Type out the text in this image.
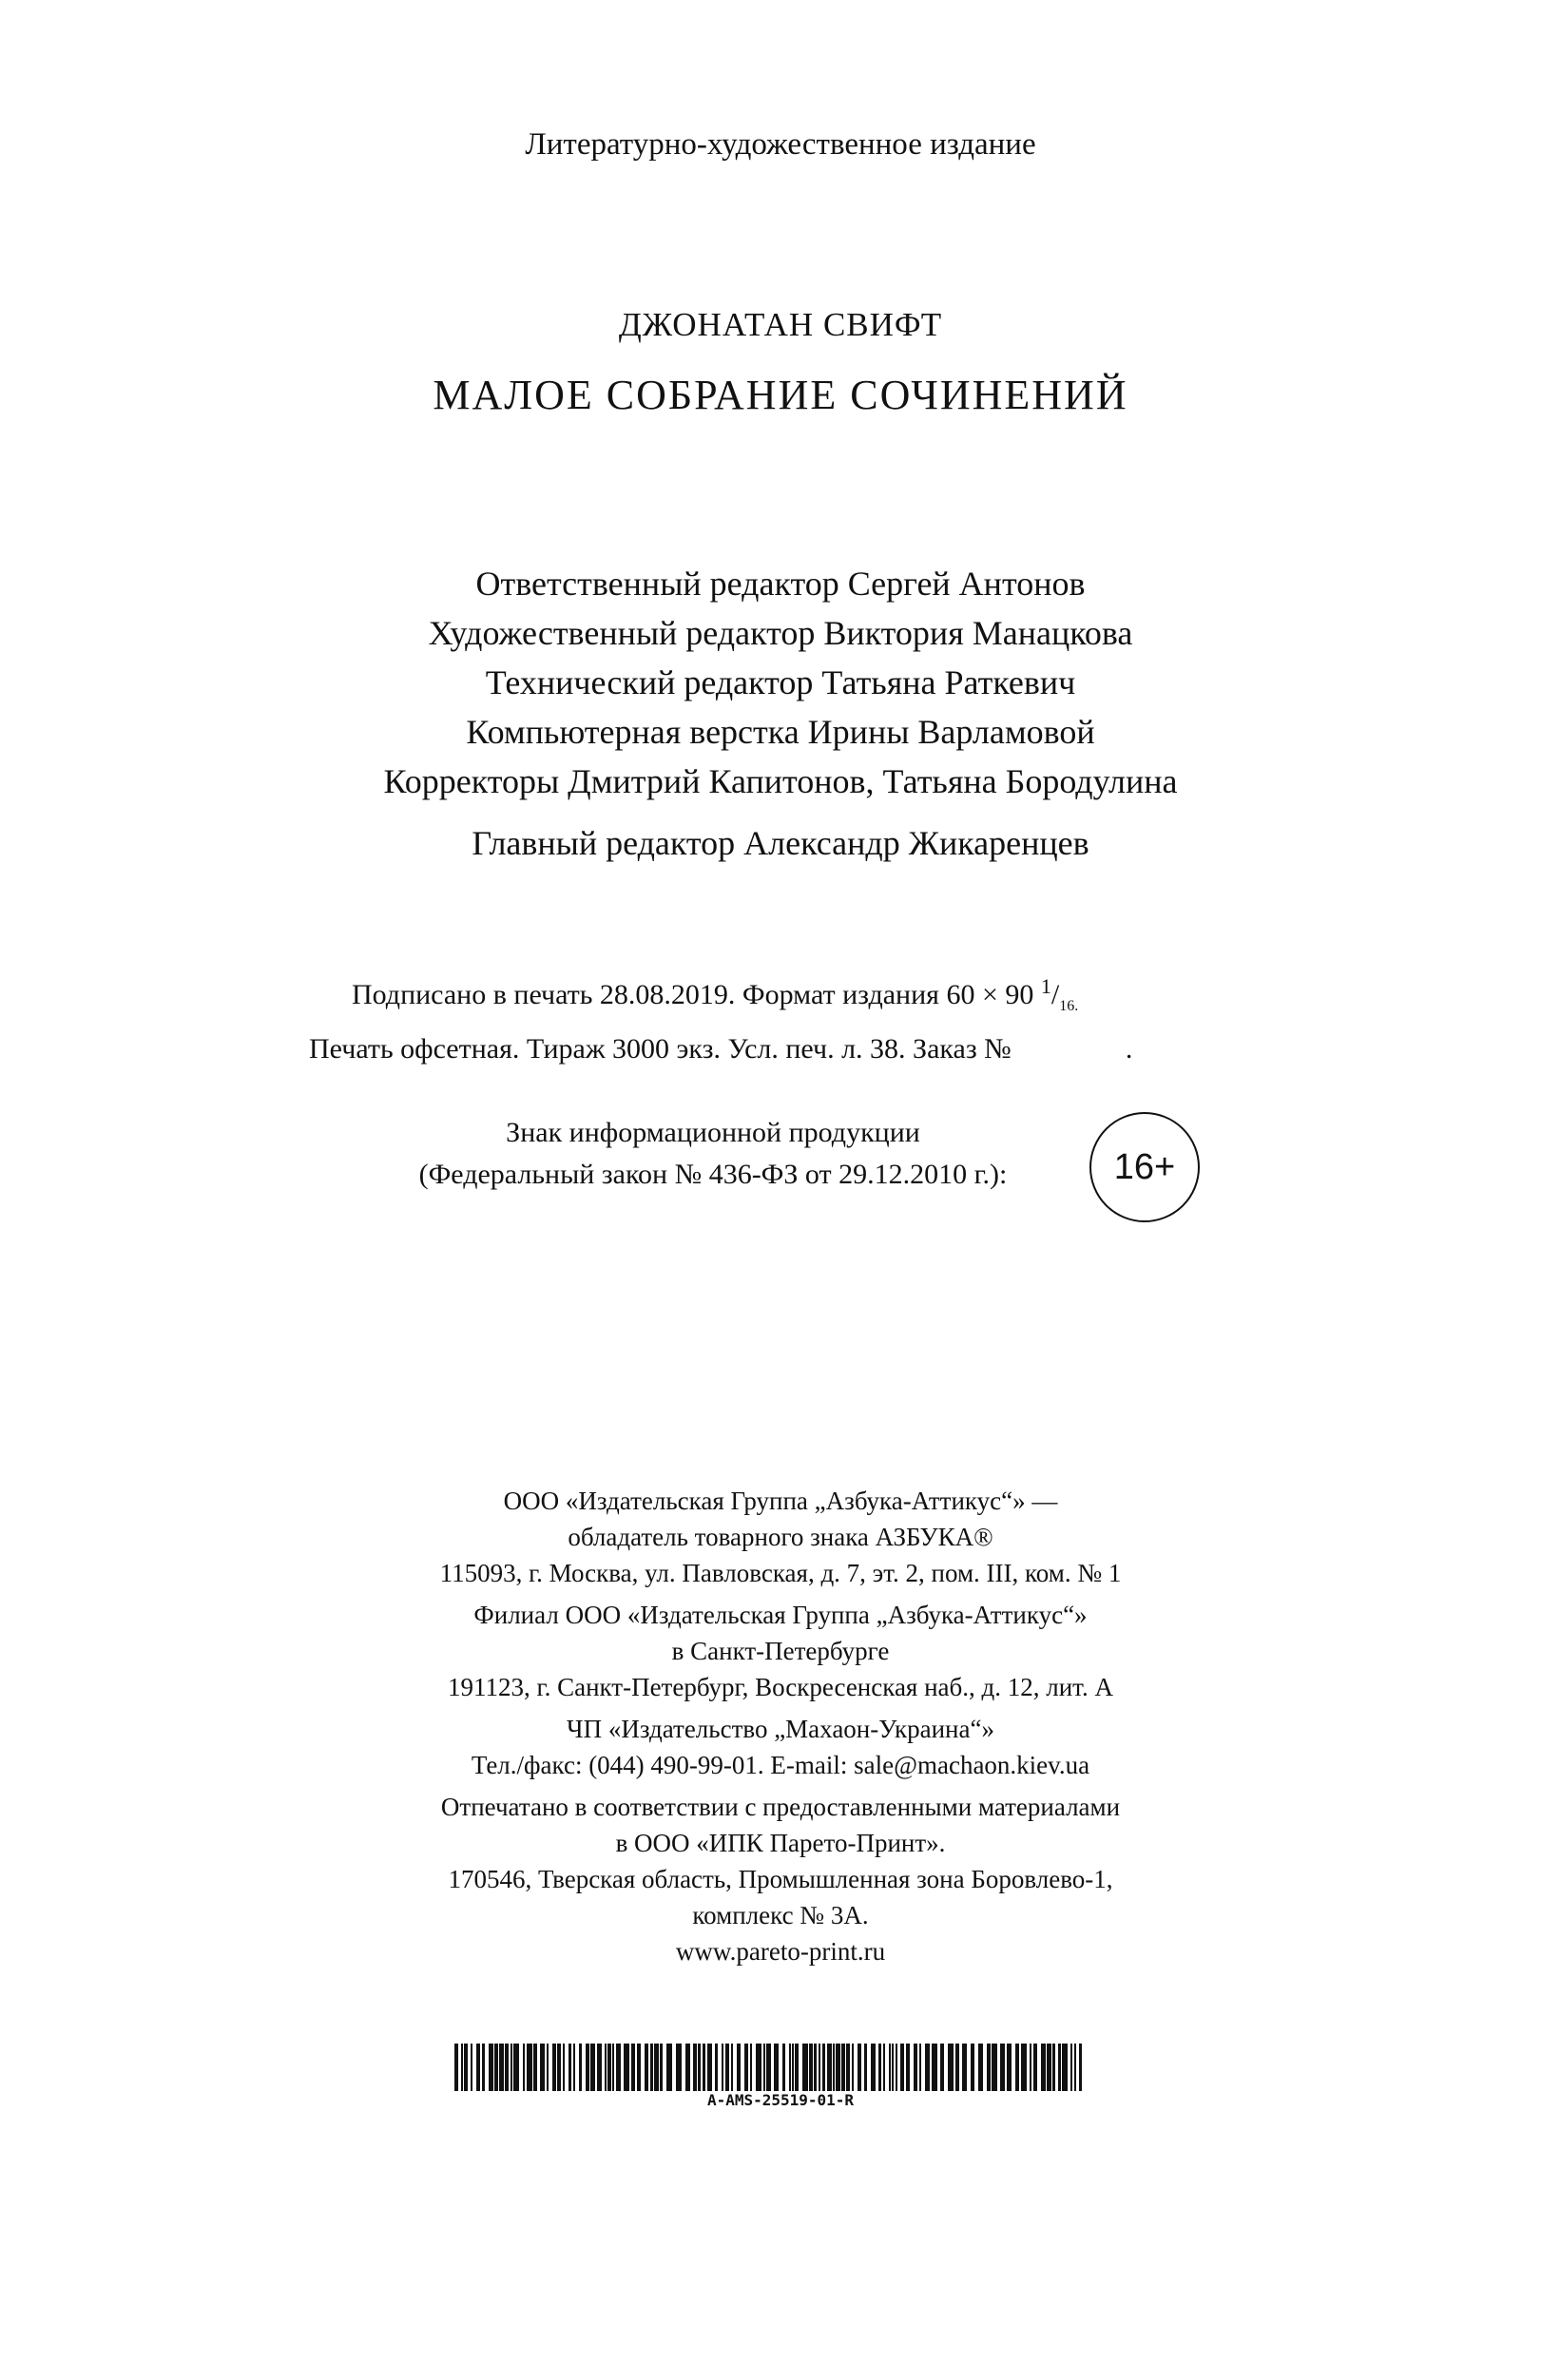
Литературно-художественное издание
ДЖОНАТАН СВИФТ
МАЛОЕ СОБРАНИЕ СОЧИНЕНИЙ
Ответственный редактор Сергей Антонов
Художественный редактор Виктория Манацкова
Технический редактор Татьяна Раткевич
Компьютерная верстка Ирины Варламовой
Корректоры Дмитрий Капитонов, Татьяна Бородулина
Главный редактор Александр Жикаренцев
Подписано в печать 28.08.2019. Формат издания 60 × 90 $^1/_{16.}$
Печать офсетная. Тираж 3000 экз. Усл. печ. л. 38. Заказ №	.
Знак информационной продукции
(Федеральный закон № 436-ФЗ от 29.12.2010 г.):	16+
ООО «Издательская Группа „Азбука-Аттикус“» —
обладатель товарного знака АЗБУКА®
115093, г. Москва, ул. Павловская, д. 7, эт. 2, пом. III, ком. № 1
Филиал ООО «Издательская Группа „Азбука-Аттикус“»
в Санкт-Петербурге
191123, г. Санкт-Петербург, Воскресенская наб., д. 12, лит. А
ЧП «Издательство „Махаон-Украина“»
Тел./факс: (044) 490-99-01. E-mail: sale@machaon.kiev.ua
Отпечатано в соответствии с предоставленными материалами
в ООО «ИПК Парето-Принт».
170546, Тверская область, Промышленная зона Боровлево-1,
комплекс № 3А.
www.pareto-print.ru
A-AMS-25519-01-R
